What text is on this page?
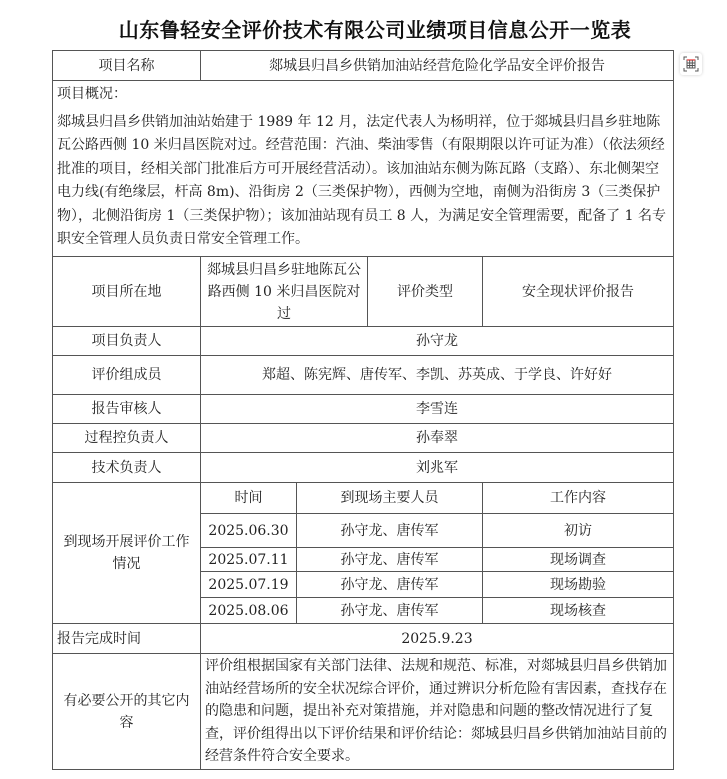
山东鲁轻安全评价技术有限公司业绩项目信息公开一览表
项目名称	郯城县归昌乡供销加油站经营危险化学品安全评价报告			

项目概况：

郯城县归昌乡供销加油站始建于 1989 年 12 月，法定代表人为杨明祥，位于郯城县归昌乡驻地陈瓦公路西侧 10 米归昌医院对过。经营范围：汽油、柴油零售（有限期限以许可证为准）（依法须经批准的项目，经相关部门批准后方可开展经营活动）。该加油站东侧为陈瓦路（支路）、东北侧架空电力线(有绝缘层，杆高 8m)、沿街房 2（三类保护物），西侧为空地，南侧为沿街房 3（三类保护物），北侧沿街房 1（三类保护物）；该加油站现有员工 8 人，为满足安全管理需要，配备了 1 名专职安全管理人员负责日常安全管理工作。				

项目所在地	郯城县归昌乡驻地陈瓦公路西侧 10 米归昌医院对过		评价类型	安全现状评价报告
项目负责人	孙守龙			
评价组成员	郑超、陈宪辉、唐传军、李凯、苏英成、于学良、许好好			
报告审核人	李雪连			
过程控负责人	孙奉翠			
技术负责人	刘兆军			
到现场开展评价工作情况	时间	到现场主要人员		工作内容
	2025.06.30	孙守龙、唐传军		初访
	2025.07.11	孙守龙、唐传军		现场调查
	2025.07.19	孙守龙、唐传军		现场勘验
	2025.08.06	孙守龙、唐传军		现场核查
报告完成时间	2025.9.23			
有必要公开的其它内容	评价组根据国家有关部门法律、法规和规范、标准，对郯城县归昌乡供销加油站经营场所的安全状况综合评价，通过辨识分析危险有害因素，查找存在的隐患和问题，提出补充对策措施，并对隐患和问题的整改情况进行了复查，评价组得出以下评价结果和评价结论：郯城县归昌乡供销加油站目前的经营条件符合安全要求。			
